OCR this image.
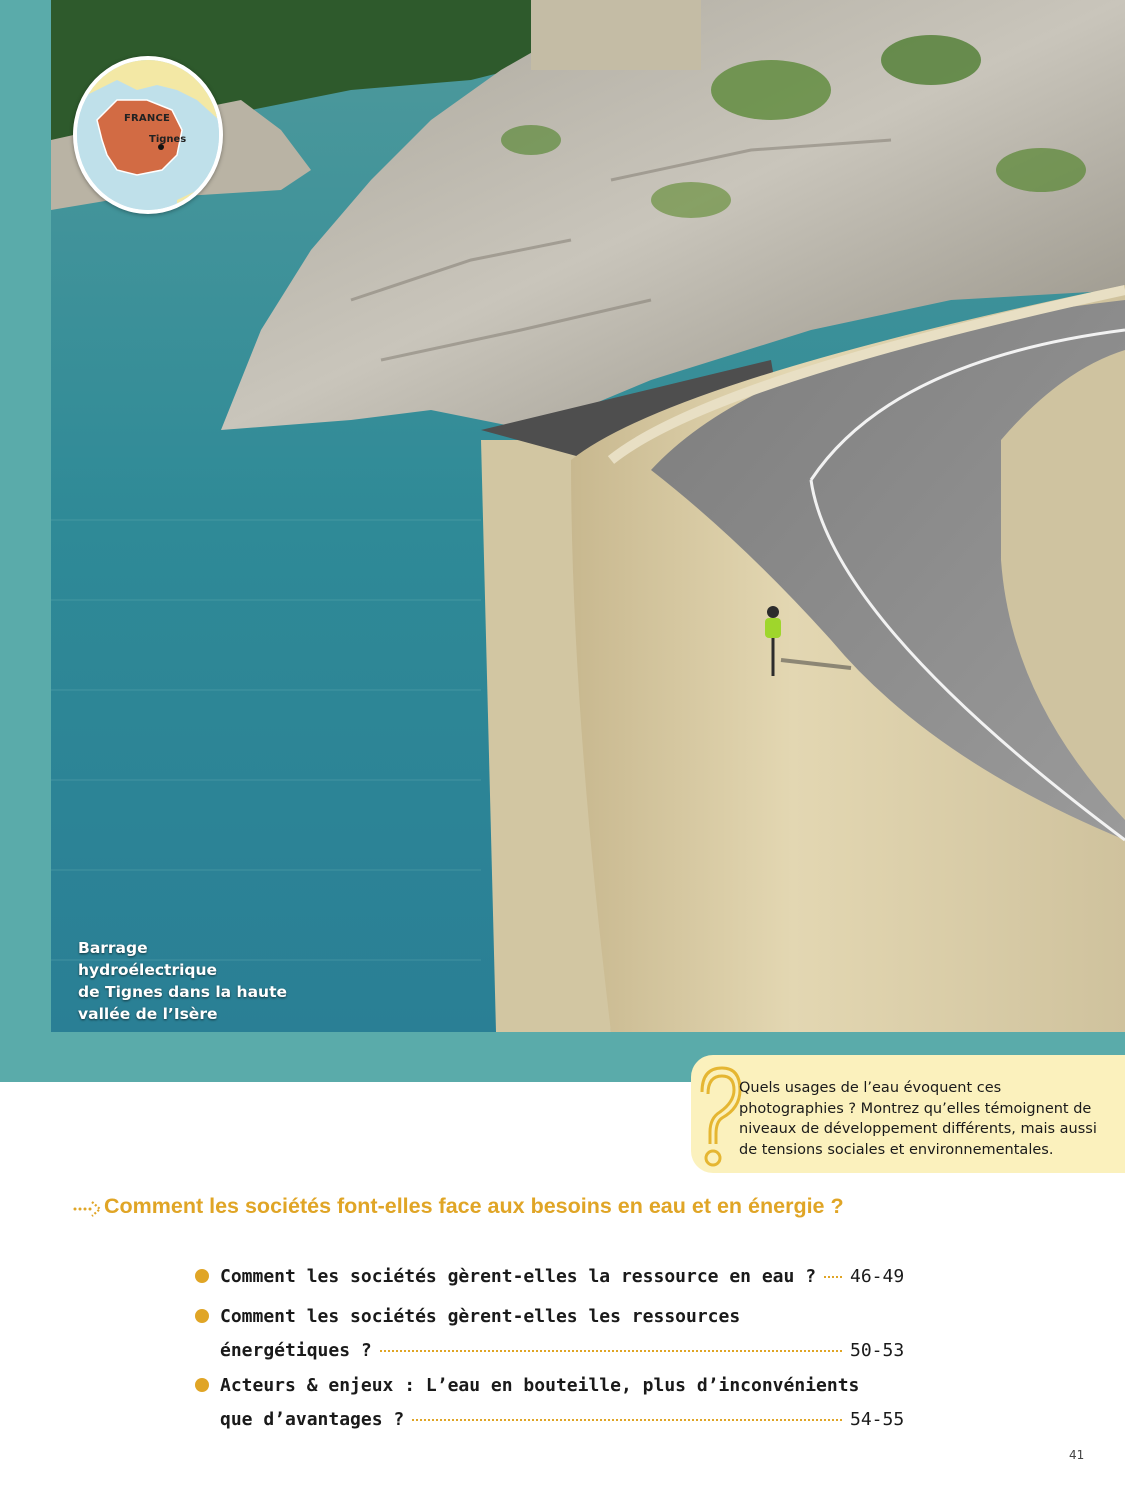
FRANCE
Tignes
Barrage hydroélectrique
de Tignes dans la haute
vallée de l’Isère
Quels usages de l’eau évoquent ces
photographies ? Montrez qu’elles témoignent de
niveaux de développement différents, mais aussi
de tensions sociales et environnementales.
Comment les sociétés font-elles face aux besoins en eau et en énergie ?
Comment les sociétés gèrent-elles la ressource en eau ? 46-49
Comment les sociétés gèrent-elles les ressources
énergétiques ?	50-53
Acteurs & enjeux : L’eau en bouteille, plus d’inconvénients
que d’avantages ?	54-55
41
